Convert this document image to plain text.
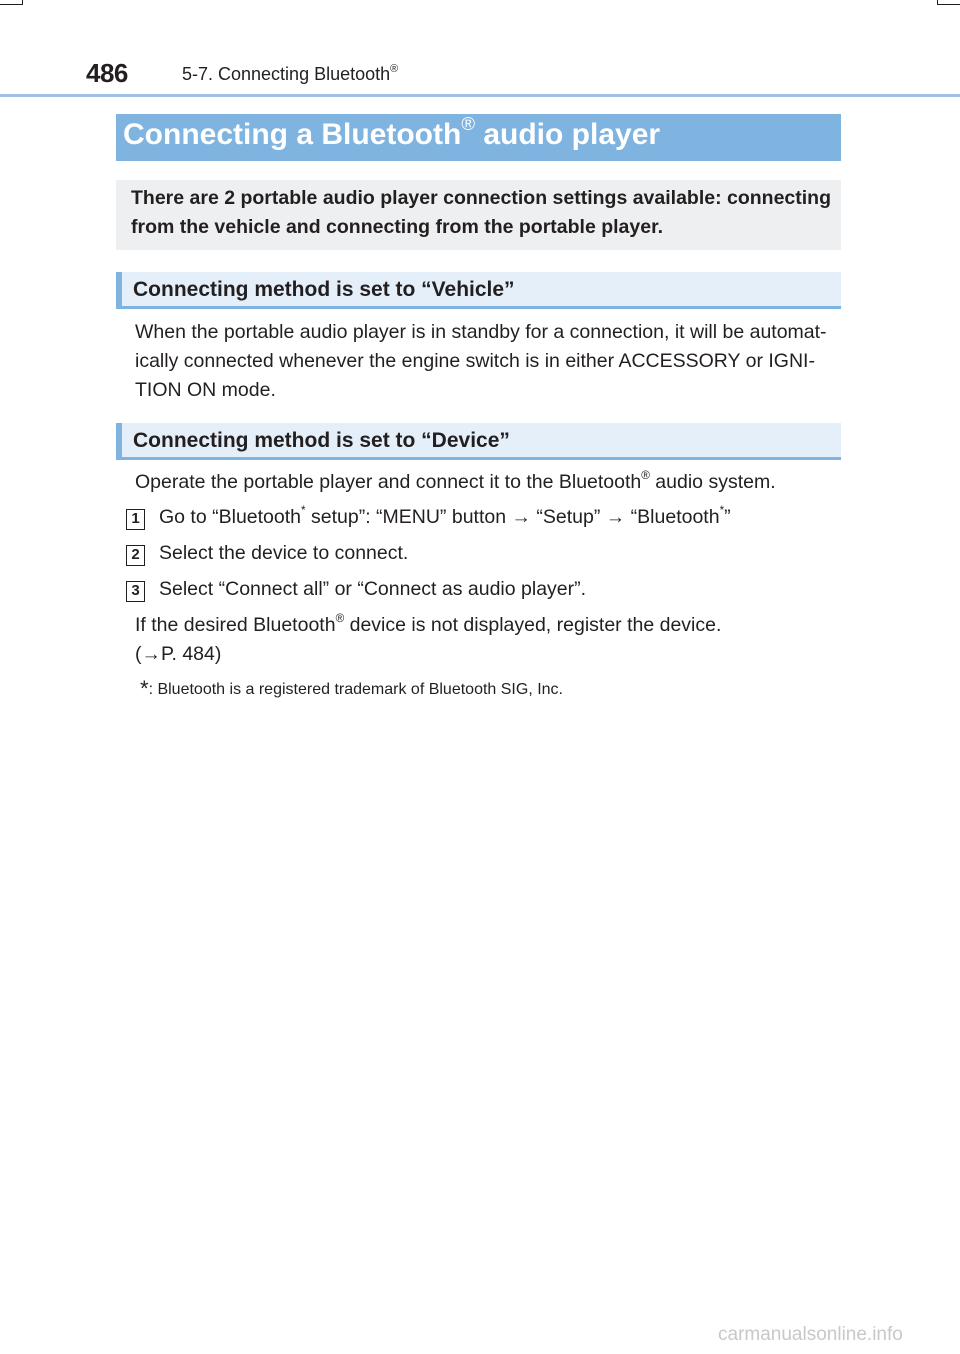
486	5-7. Connecting Bluetooth®
Connecting a Bluetooth® audio player
There are 2 portable audio player connection settings available: connecting
from the vehicle and connecting from the portable player.
Connecting method is set to “Vehicle”
When the portable audio player is in standby for a connection, it will be automat-
ically connected whenever the engine switch is in either ACCESSORY or IGNI-
TION ON mode.
Connecting method is set to “Device”
Operate the portable player and connect it to the Bluetooth® audio system.
1 Go to “Bluetooth* setup”: “MENU” button → “Setup” → “Bluetooth*”
2 Select the device to connect.
3 Select “Connect all” or “Connect as audio player”.
If the desired Bluetooth® device is not displayed, register the device.
(→P. 484)
*: Bluetooth is a registered trademark of Bluetooth SIG, Inc.
carmanualsonline.info
